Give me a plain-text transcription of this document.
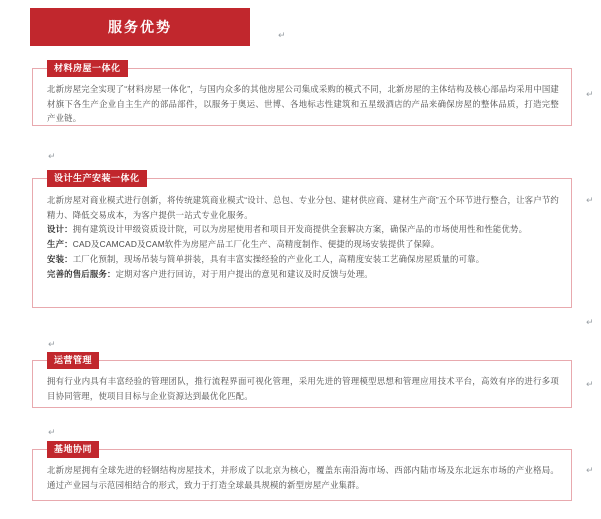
服务优势	↵
材料房屋一体化

北新房屋完全实现了“材料房屋一体化”，与国内众多的其他房屋公司集成采购的模式不同，北新房屋的主体结构及核心部品均采用中国建材旗下各生产企业自主生产的部品部件，以服务于奥运、世博、各地标志性建筑和五星级酒店的产品来确保房屋的整体品质，打造完整产业链。

↵
↵
设计生产安装一体化

北新房屋对商业模式进行创新，将传统建筑商业模式“设计、总包、专业分包、建材供应商、建材生产商”五个环节进行整合，让客户节约精力、降低交易成本，为客户提供一站式专业化服务。

设计：拥有建筑设计甲级资质设计院，可以为房屋使用者和项目开发商提供全套解决方案，确保产品的市场使用性和性能优势。

生产：CAD及CAMCAD及CAM软件为房屋产品工厂化生产、高精度制作、便捷的现场安装提供了保障。

安装：工厂化预制，现场吊装与简单拼装，具有丰富实操经验的产业化工人，高精度安装工艺确保房屋质量的可靠。

完善的售后服务：定期对客户进行回访，对于用户提出的意见和建议及时反馈与处理。

↵
↵
↵
运营管理

拥有行业内具有丰富经验的管理团队，推行流程界面可视化管理，采用先进的管理模型思想和管理应用技术平台，高效有序的进行多项目协同管理，使项目目标与企业资源达到最优化匹配。

↵
↵
基地协同

北新房屋拥有全球先进的轻钢结构房屋技术，并形成了以北京为核心，覆盖东南沿海市场、西部内陆市场及东北远东市场的产业格局。通过产业园与示范园相结合的形式，致力于打造全球最具规模的新型房屋产业集群。

↵
